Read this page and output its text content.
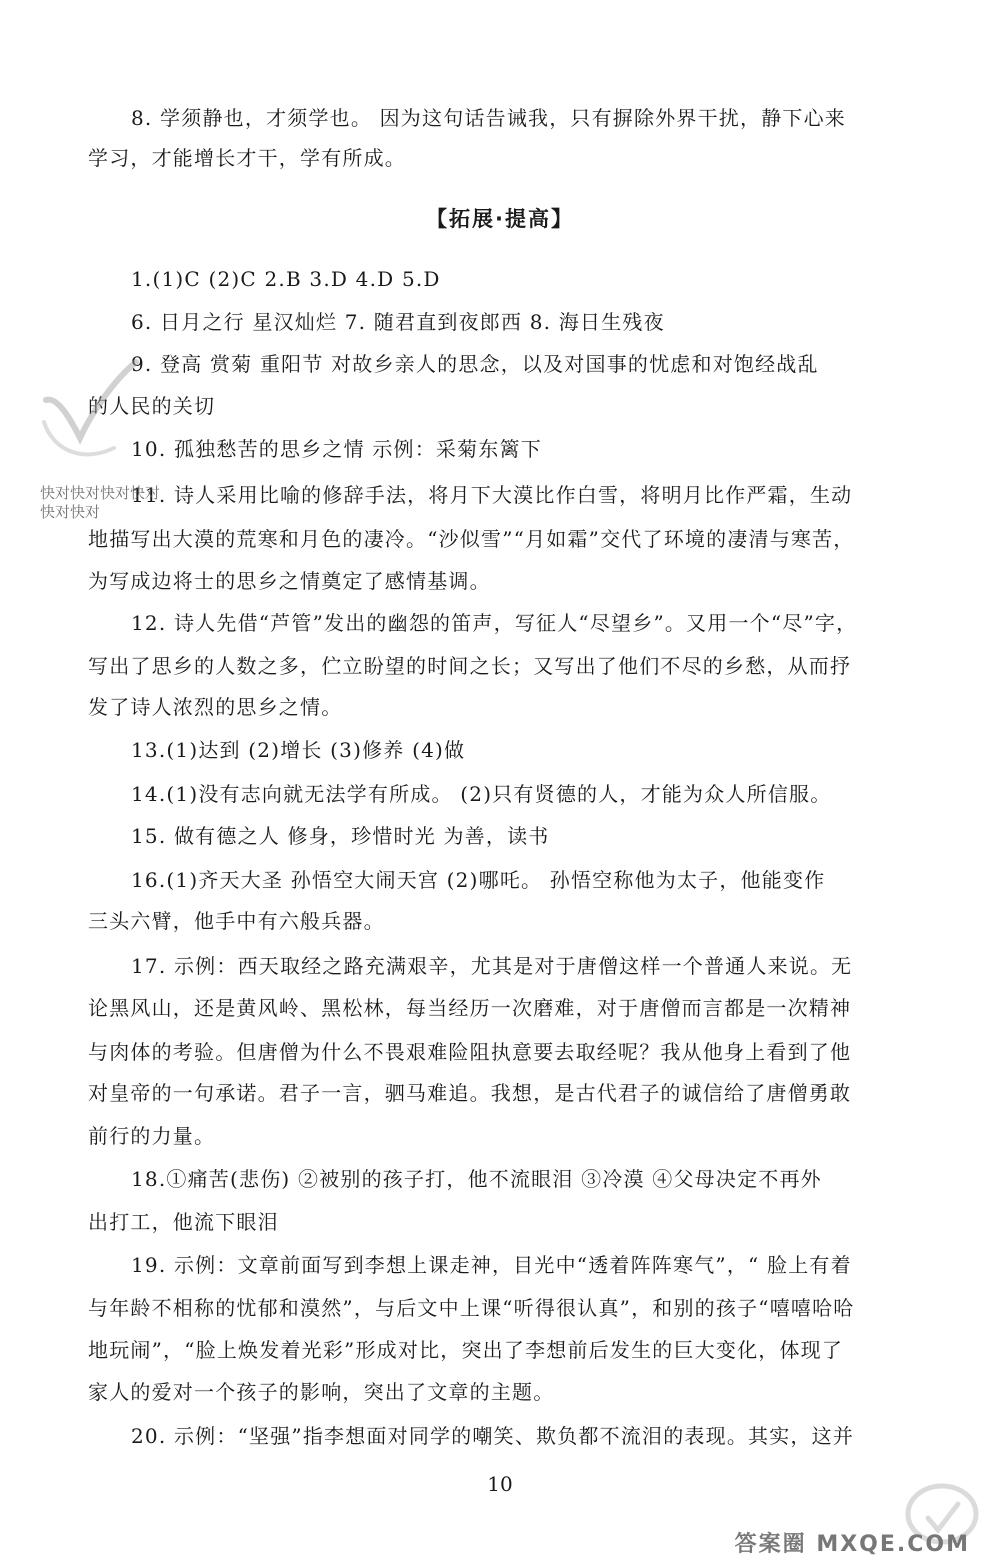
8. 学须静也，才须学也。 因为这句话告诫我，只有摒除外界干扰，静下心来
学习，才能增长才干，学有所成。
【拓展·提高】
1.(1)C (2)C 2.B 3.D 4.D 5.D
6. 日月之行 星汉灿烂 7. 随君直到夜郎西 8. 海日生残夜
9. 登高 赏菊 重阳节 对故乡亲人的思念，以及对国事的忧虑和对饱经战乱
的人民的关切
10. 孤独愁苦的思乡之情 示例：采菊东篱下
11. 诗人采用比喻的修辞手法，将月下大漠比作白雪，将明月比作严霜，生动
地描写出大漠的荒寒和月色的凄冷。“沙似雪”“月如霜”交代了环境的凄清与寒苦，
为写成边将士的思乡之情奠定了感情基调。
12. 诗人先借“芦管”发出的幽怨的笛声，写征人“尽望乡”。又用一个“尽”字，
写出了思乡的人数之多，伫立盼望的时间之长；又写出了他们不尽的乡愁，从而抒
发了诗人浓烈的思乡之情。
13.(1)达到 (2)增长 (3)修养 (4)做
14.(1)没有志向就无法学有所成。 (2)只有贤德的人，才能为众人所信服。
15. 做有德之人 修身，珍惜时光 为善，读书
16.(1)齐天大圣 孙悟空大闹天宫 (2)哪吒。 孙悟空称他为太子，他能变作
三头六臂，他手中有六般兵器。
17. 示例：西天取经之路充满艰辛，尤其是对于唐僧这样一个普通人来说。无
论黑风山，还是黄风岭、黑松林，每当经历一次磨难，对于唐僧而言都是一次精神
与肉体的考验。但唐僧为什么不畏艰难险阻执意要去取经呢？我从他身上看到了他
对皇帝的一句承诺。君子一言，驷马难追。我想，是古代君子的诚信给了唐僧勇敢
前行的力量。
18.①痛苦(悲伤) ②被别的孩子打，他不流眼泪 ③冷漠 ④父母决定不再外
出打工，他流下眼泪
19. 示例：文章前面写到李想上课走神，目光中“透着阵阵寒气”，“ 脸上有着
与年龄不相称的忧郁和漠然”，与后文中上课“听得很认真”，和别的孩子“嘻嘻哈哈
地玩闹”，“脸上焕发着光彩”形成对比，突出了李想前后发生的巨大变化，体现了
家人的爱对一个孩子的影响，突出了文章的主题。
20. 示例：“坚强”指李想面对同学的嘲笑、欺负都不流泪的表现。其实，这并
10
快对快对快对快对快对快对
答案圈 MXQE.COM
